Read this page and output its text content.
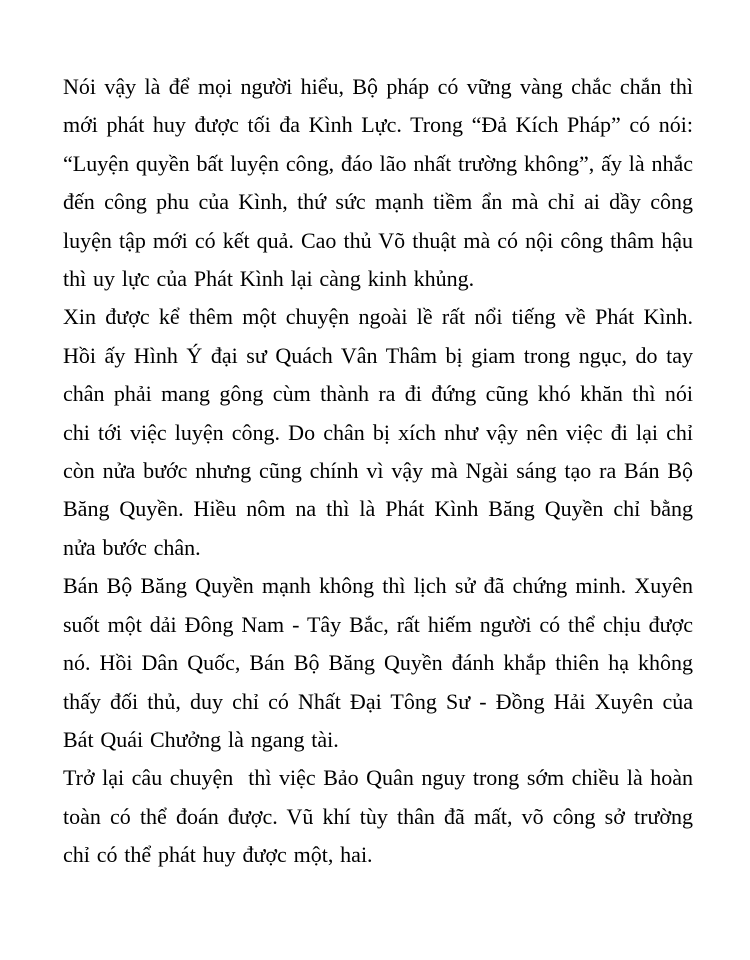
Nói vậy là để mọi người hiểu, Bộ pháp có vững vàng chắc chắn thì mới phát huy được tối đa Kình Lực. Trong “Đả Kích Pháp” có nói: “Luyện quyền bất luyện công, đáo lão nhất trường không”, ấy là nhắc đến công phu của Kình, thứ sức mạnh tiềm ẩn mà chỉ ai dầy công luyện tập mới có kết quả. Cao thủ Võ thuật mà có nội công thâm hậu thì uy lực của Phát Kình lại càng kinh khủng.

Xin được kể thêm một chuyện ngoài lề rất nổi tiếng về Phát Kình. Hồi ấy Hình Ý đại sư Quách Vân Thâm bị giam trong ngục, do tay chân phải mang gông cùm thành ra đi đứng cũng khó khăn thì nói chi tới việc luyện công. Do chân bị xích như vậy nên việc đi lại chỉ còn nửa bước nhưng cũng chính vì vậy mà Ngài sáng tạo ra Bán Bộ Băng Quyền. Hiều nôm na thì là Phát Kình Băng Quyền chỉ bằng nửa bước chân.

Bán Bộ Băng Quyền mạnh không thì lịch sử đã chứng minh. Xuyên suốt một dải Đông Nam - Tây Bắc, rất hiếm người có thể chịu được nó. Hồi Dân Quốc, Bán Bộ Băng Quyền đánh khắp thiên hạ không thấy đối thủ, duy chỉ có Nhất Đại Tông Sư - Đồng Hải Xuyên của Bát Quái Chưởng là ngang tài.

Trở lại câu chuyện  thì việc Bảo Quân nguy trong sớm chiều là hoàn toàn có thể đoán được. Vũ khí tùy thân đã mất, võ công sở trường chỉ có thể phát huy được một, hai.
